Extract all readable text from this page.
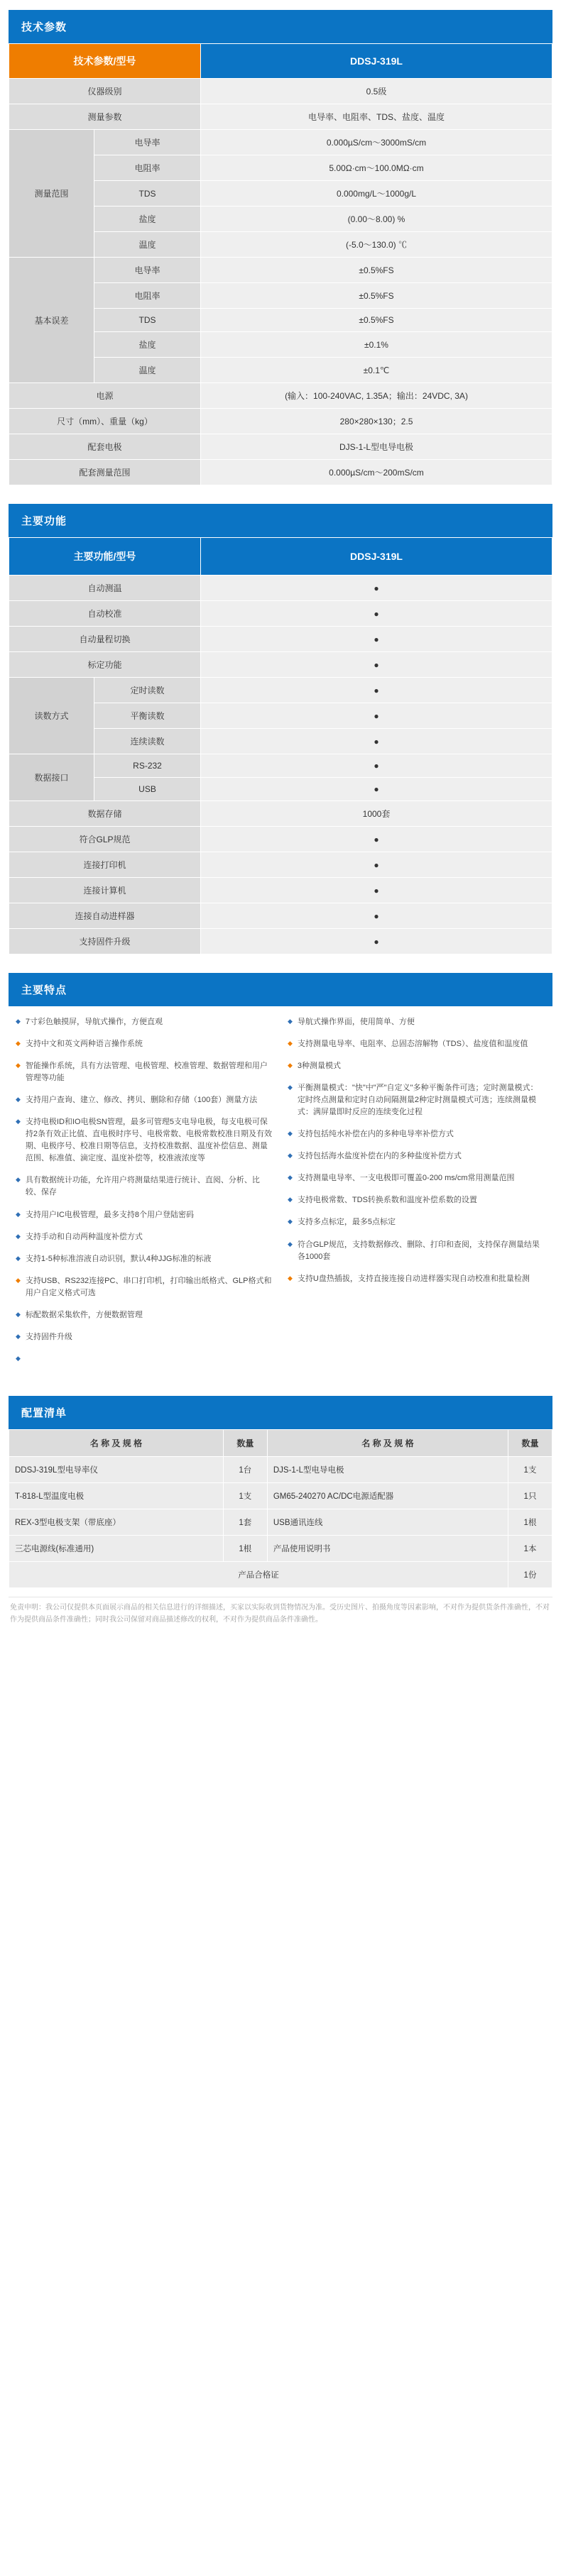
技术参数
技术参数/型号		DDSJ-319L
仪器级别		0.5级
测量参数		电导率、电阻率、TDS、盐度、温度
测量范围	电导率	0.000µS/cm～3000mS/cm
	电阻率	5.00Ω·cm～100.0MΩ·cm
	TDS	0.000mg/L～1000g/L
	盐度	(0.00～8.00) %
	温度	(-5.0～130.0) ℃
基本误差	电导率	±0.5%FS
	电阻率	±0.5%FS
	TDS	±0.5%FS
	盐度	±0.1%
	温度	±0.1℃
电源		(输入：100-240VAC, 1.35A；输出：24VDC, 3A)
尺寸（mm）、重量（kg）		280×280×130；2.5
配套电极		DJS-1-L型电导电极
配套测量范围		0.000µS/cm～200mS/cm
主要功能
主要功能/型号		DDSJ-319L
自动测温		●
自动校准		●
自动量程切换		●
标定功能		●
读数方式	定时读数	●
	平衡读数	●
	连续读数	●
数据接口	RS-232	●
	USB	●
数据存储		1000套
符合GLP规范		●
连接打印机		●
连接计算机		●
连接自动进样器		●
支持固件升级		●
主要特点
◆ 7寸彩色触摸屏，导航式操作，方便直观
◆ 支持中文和英文两种语言操作系统
◆ 智能操作系统，具有方法管理、电极管理、校准管理、数据管理和用户管理等功能
◆ 支持用户查询、建立、修改、拷贝、删除和存储（100套）测量方法
◆ 支持电极ID和IO电极SN管理，最多可管理5支电导电极，每支电极可保持2条有效正比值、直电极时序号、电极常数、电极常数校准日期及有效期、电极序号、校准日期等信息，支持校准数据、温度补偿信息、测量范围、标准值、滴定度、温度补偿等，校准液浓度等
◆ 具有数据统计功能，允许用户将测量结果进行统计、直阅、分析、比较、保存
◆ 支持用户IC电极管理，最多支持8个用户登陆密码
◆ 支持手动和自动两种温度补偿方式
◆ 支持1-5种标准溶液自动识别，默认4种JJG标准的标液
◆ 支持USB、RS232连接PC、串口打印机，打印输出纸格式、GLP格式和用户自定义格式可选
◆ 标配数据采集软件，方便数据管理
◆ 支持固件升级
◆
◆ 导航式操作界面，使用简单、方便
◆ 支持测量电导率、电阻率、总固态溶解物（TDS）、盐度值和温度值
◆ 3种测量模式
◆ 平衡测量模式："快"中"严"自定义"多种平衡条件可选；定时测量模式：定时终点测量和定时自动间隔测量2种定时测量模式可选；连续测量模式：满屏量即时反应的连续变化过程
◆ 支持包括纯水补偿在内的多种电导率补偿方式
◆ 支持包括海水盐度补偿在内的多种盐度补偿方式
◆ 支持测量电导率、一支电极即可覆盖0-200 ms/cm常用测量范围
◆ 支持电极常数、TDS转换系数和温度补偿系数的设置
◆ 支持多点标定，最多5点标定
◆ 符合GLP规范，支持数据修改、删除、打印和查阅，支持保存测量结果各1000套
◆ 支持U盘热插拔，支持直接连接自动进样器实现自动校准和批量检测
配置清单
名 称 及 规 格	数量	名 称 及 规 格	数量
DDSJ-319L型电导率仪	1台	DJS-1-L型电导电极	1支
T-818-L型温度电极	1支	GM65-240270 AC/DC电源适配器	1只
REX-3型电极支架（带底座）	1套	USB通讯连线	1根
三芯电源线(标准通用)	1根	产品使用说明书	1本
产品合格证			1份
免责申明：我公司仅提供本页面展示商品的相关信息进行的详细描述，买家以实际收到货物情况为准。受历史图片、拍摄角度等因素影响，不对作为提供货条件准确性，不对作为提供商品条件准确性；同时我公司保留对商品描述修改的权利，不对作为提供商品条件准确性。
